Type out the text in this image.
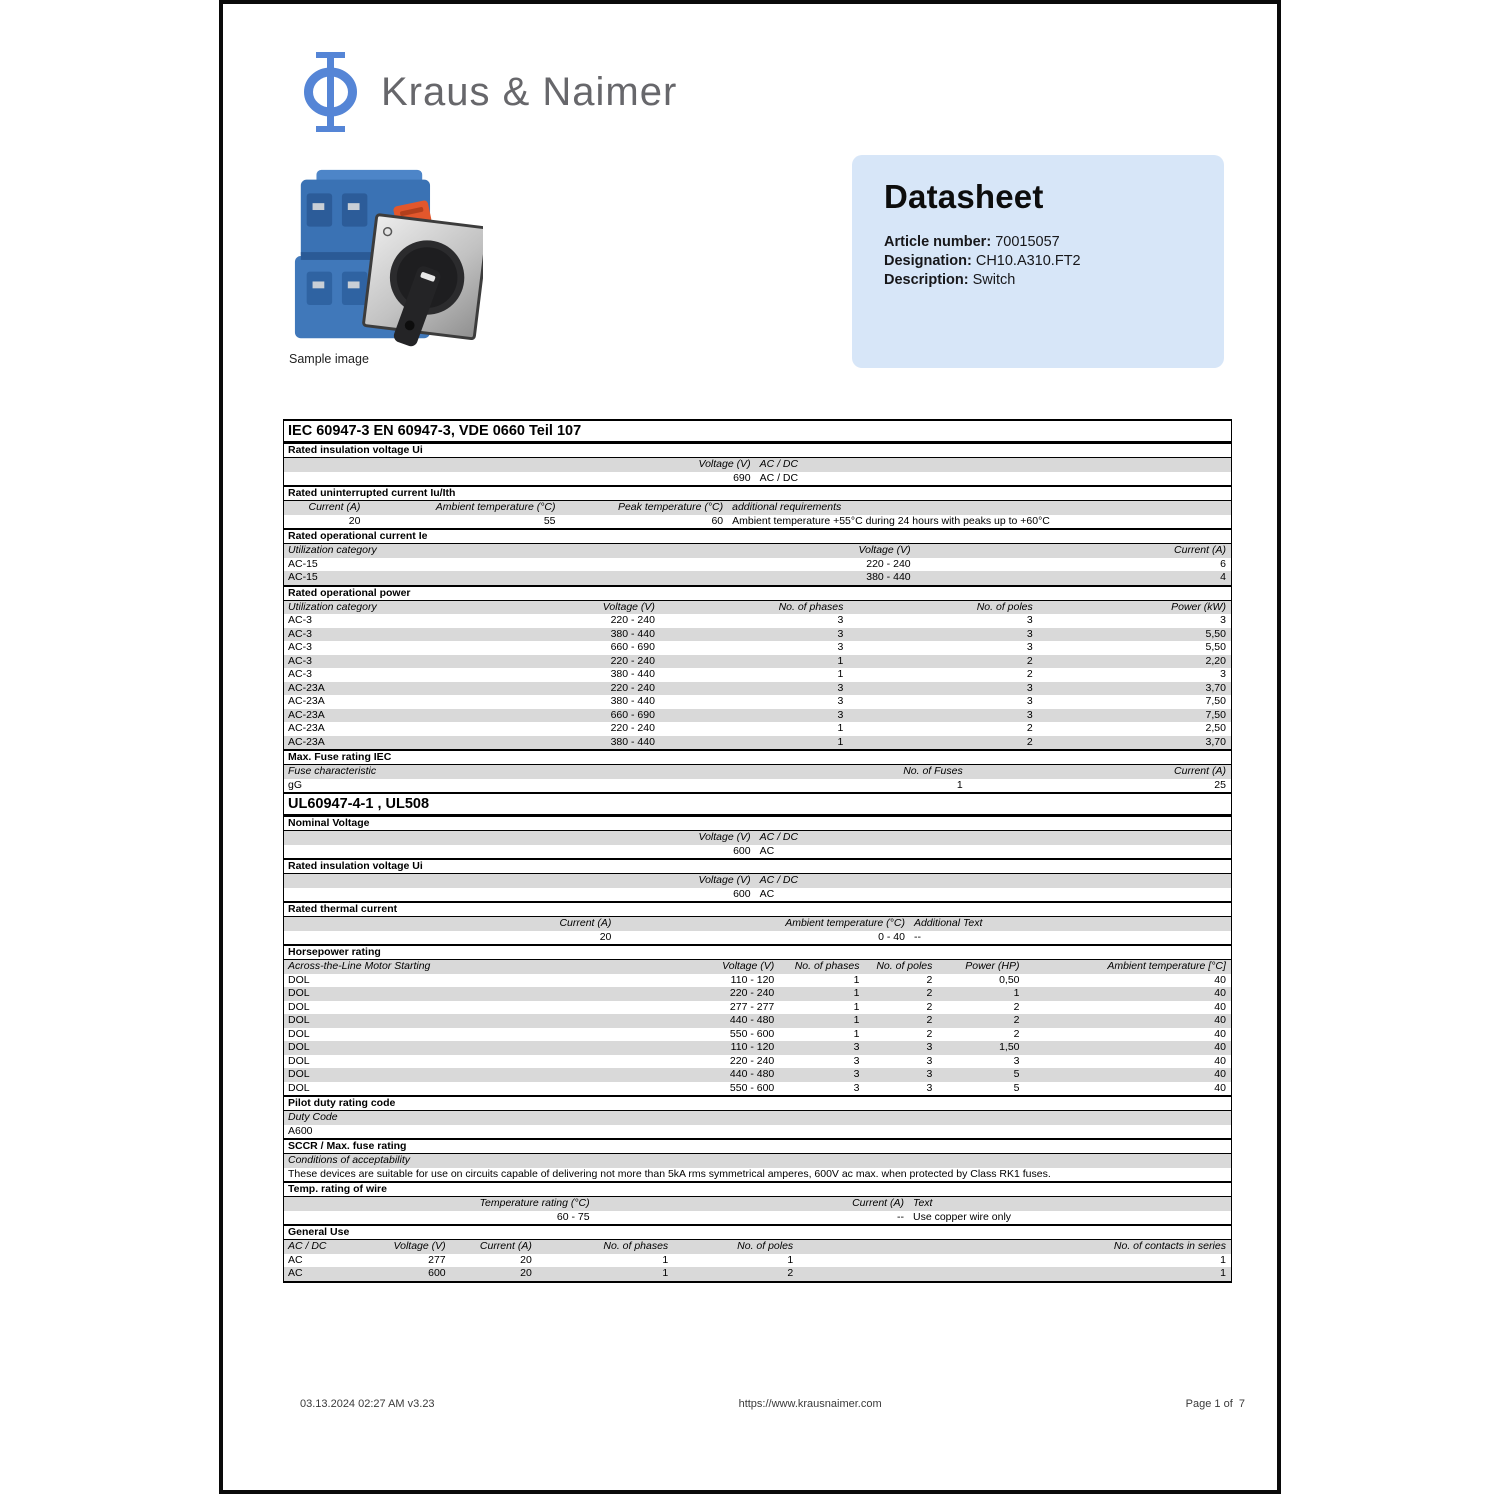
Kraus & Naimer
Sample image
Datasheet
Article number: 70015057
Designation: CH10.A310.FT2
Description: Switch
IEC 60947-3 EN 60947-3, VDE 0660 Teil 107
Rated insulation voltage Ui
Voltage (V) AC / DC
690 AC / DC
Rated uninterrupted current Iu/Ith
Current (A)	Ambient temperature (°C)	Peak temperature (°C) additional requirements
20	55	60 Ambient temperature +55°C during 24 hours with peaks up to +60°C
Rated operational current Ie
Utilization category	Voltage (V)	Current (A)
AC-15	220 - 240	6
AC-15	380 - 440	4
Rated operational power
Utilization category	Voltage (V)	No. of phases	No. of poles	Power (kW)
AC-3	220 - 240	3	3	3
AC-3	380 - 440	3	3	5,50
AC-3	660 - 690	3	3	5,50
AC-3	220 - 240	1	2	2,20
AC-3	380 - 440	1	2	3
AC-23A	220 - 240	3	3	3,70
AC-23A	380 - 440	3	3	7,50
AC-23A	660 - 690	3	3	7,50
AC-23A	220 - 240	1	2	2,50
AC-23A	380 - 440	1	2	3,70
Max. Fuse rating IEC
Fuse characteristic	No. of Fuses	Current (A)
gG	1	25
UL60947-4-1 , UL508
Nominal Voltage
Voltage (V) AC / DC
600 AC
Rated insulation voltage Ui
Voltage (V) AC / DC
600 AC
Rated thermal current
Current (A)	Ambient temperature (°C) Additional Text
20	0 - 40 --
Horsepower rating
Across-the-Line Motor Starting	Voltage (V)	No. of phases	No. of poles	Power (HP)	Ambient temperature [°C]
DOL	110 - 120	1	2	0,50	40
DOL	220 - 240	1	2	1	40
DOL	277 - 277	1	2	2	40
DOL	440 - 480	1	2	2	40
DOL	550 - 600	1	2	2	40
DOL	110 - 120	3	3	1,50	40
DOL	220 - 240	3	3	3	40
DOL	440 - 480	3	3	5	40
DOL	550 - 600	3	3	5	40
Pilot duty rating code
Duty Code
A600
SCCR / Max. fuse rating
Conditions of acceptability
These devices are suitable for use on circuits capable of delivering not more than 5kA rms symmetrical amperes, 600V ac max. when protected by Class RK1 fuses.
Temp. rating of wire
Temperature rating (°C)	Current (A) Text
60 - 75	-- Use copper wire only
General Use
AC / DC	Voltage (V)	Current (A)	No. of phases	No. of poles	No. of contacts in series
AC	277	20	1	1	1
AC	600	20	1	2	1
03.13.2024 02:27 AM v3.23	https://www.krausnaimer.com	Page 1 of  7
